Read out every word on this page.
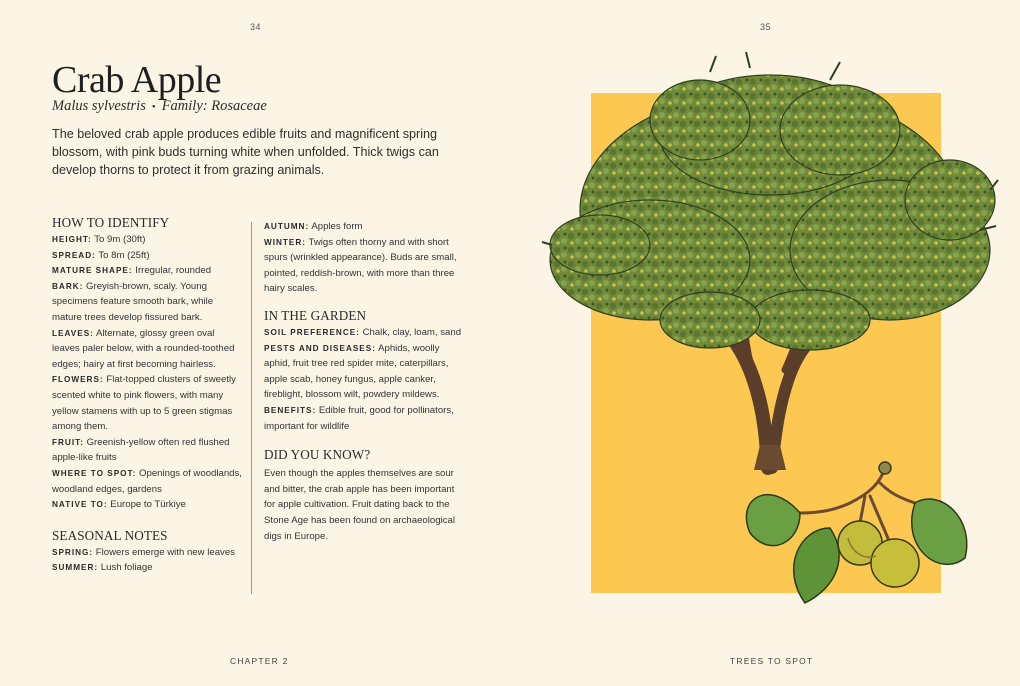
34	35
Crab Apple
Malus sylvestris • Family: Rosaceae

The beloved crab apple produces edible fruits and magnificent spring blossom, with pink buds turning white when unfolded. Thick twigs can develop thorns to protect it from grazing animals.

HOW TO IDENTIFY

HEIGHT: To 9m (30ft)

SPREAD: To 8m (25ft)

MATURE SHAPE: Irregular, rounded

BARK: Greyish-brown, scaly. Young specimens feature smooth bark, while mature trees develop fissured bark.

LEAVES: Alternate, glossy green oval leaves paler below, with a rounded-toothed edges; hairy at first becoming hairless.

FLOWERS: Flat-topped clusters of sweetly scented white to pink flowers, with many yellow stamens with up to 5 green stigmas among them.

FRUIT: Greenish-yellow often red flushed apple-like fruits

WHERE TO SPOT: Openings of woodlands, woodland edges, gardens

NATIVE TO: Europe to Türkiye

SEASONAL NOTES

SPRING: Flowers emerge with new leaves

SUMMER: Lush foliage

AUTUMN: Apples form

WINTER: Twigs often thorny and with short spurs (wrinkled appearance). Buds are small, pointed, reddish-brown, with more than three hairy scales.

IN THE GARDEN

SOIL PREFERENCE: Chalk, clay, loam, sand

PESTS AND DISEASES: Aphids, woolly aphid, fruit tree red spider mite, caterpillars, apple scab, honey fungus, apple canker, fireblight, blossom wilt, powdery mildews.

BENEFITS: Edible fruit, good for pollinators, important for wildlife

DID YOU KNOW?

Even though the apples themselves are sour and bitter, the crab apple has been important for apple cultivation. Fruit dating back to the Stone Age has been found on archaeological digs in Europe.

CHAPTER 2	TREES TO SPOT
